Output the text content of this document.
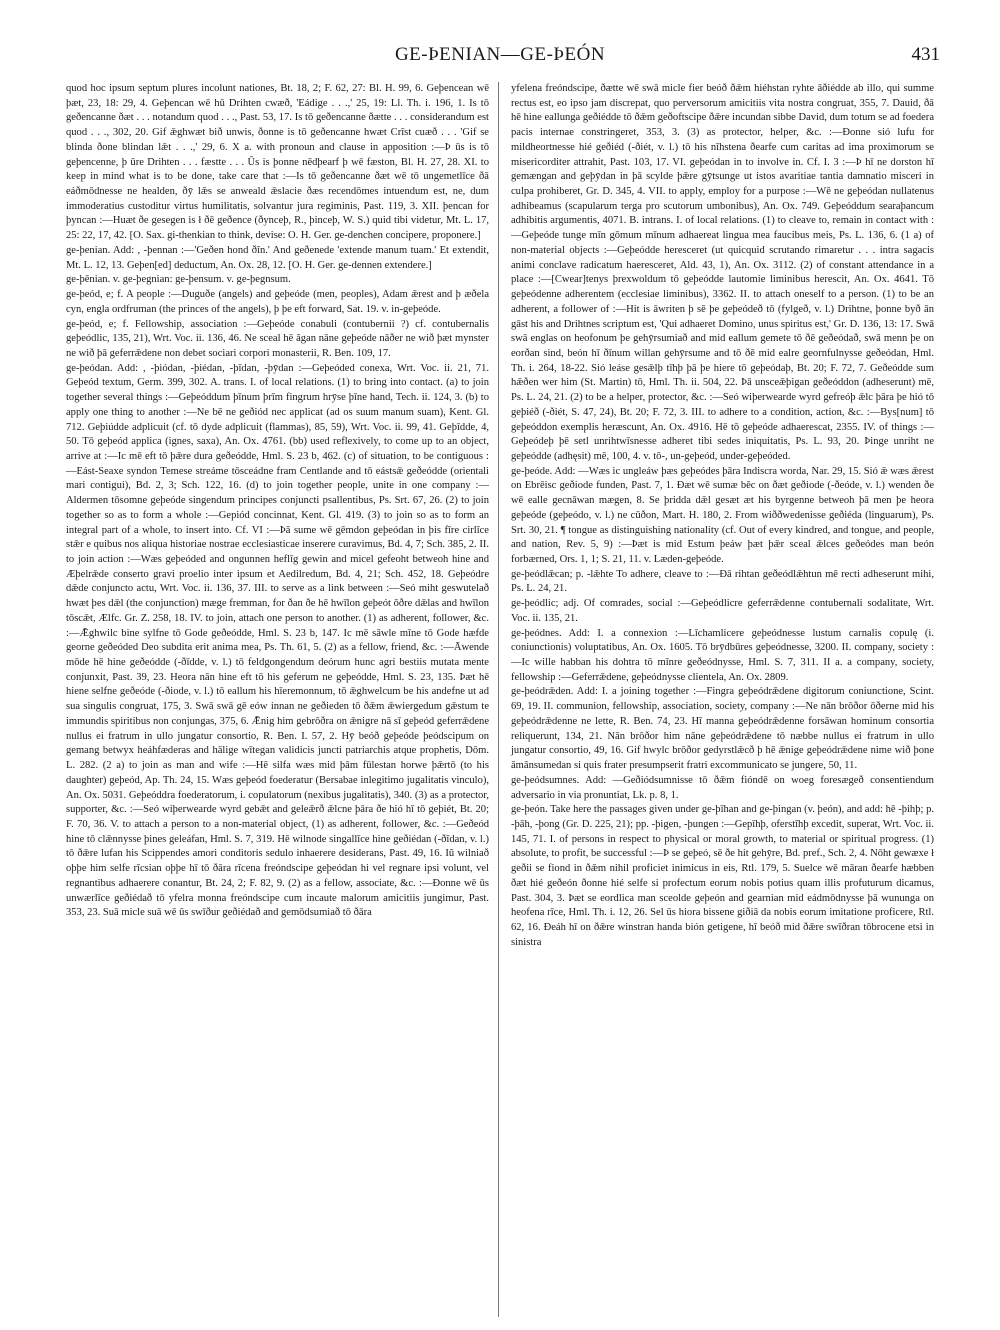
GE-ÞENIAN—GE-ÞEÓN	431
quod hoc ipsum septum plures incolunt nationes, Bt. 18, 2; F. 62, 27: Bl. H. 99, 6. Geþencean wē þæt, 23, 18: 29, 4. Geþencan wē hū Drihten cwæð, 'Eádige . . .,' 25, 19: Ll. Th. i. 196, 1. Is tō geðencanne ðæt . . . notandum quod . . ., Past. 53, 17. Is tō geðencanne ðætte . . . considerandum est quod . . ., 302, 20. Gif ǣghwæt bið unwis, ðonne is tō geðencanne hwæt Crīst cuæð . . . 'Gif se blinda ðone blindan lǣt . . .,' 29, 6. X a. with pronoun and clause in apposition :—Þ ūs is tō geþencenne, þ ūre Drihten . . . fæstte . . . Ūs is þonne nēdþearf þ wē fæston, Bl. H. 27, 28. XI. to keep in mind what is to be done, take care that :—Is tō geðencanne ðæt wē tō ungemetlīce ðā eáðmōdnesse ne healden, ðȳ lǣs se anweald ǣslacie ðæs recendōmes intuendum est, ne, dum immoderatius custoditur virtus humilitatis, solvantur jura regiminis, Past. 119, 3. XII. þencan for þyncan :—Huæt ðe gesegen is ł ðē geðence (ðynceþ, R., þinceþ, W. S.) quid tibi videtur, Mt. L. 17, 25: 22, 17, 42. [O. Sax. gi-thenkian to think, devise: O. H. Ger. ge-denchen concipere, proponere.]
ge-þenian. Add: , -þennan :—'Geðen hond ðīn.' And geðenede 'extende manum tuam.' Et extendit, Mt. L. 12, 13. Geþen[ed] deductum, An. Ox. 28, 12. [O. H. Ger. ge-dennen extendere.]
ge-þēnian. v. ge-þegnian: ge-þensum. v. ge-þegnsum.
ge-þeód, e; f. A people :—Duguðe (angels) and geþeóde (men, peoples), Adam ǣrest and þ æðela cyn, engla ordfruman (the princes of the angels), þ þe eft forward, Sat. 19. v. in-geþeóde.
ge-þeód, e; f. Fellowship, association :—Geþeóde conabuli (contubernii ?) cf. contubernalis geþeódlic, 135, 21), Wrt. Voc. ii. 136, 46. Ne sceal hē āgan nāne geþeóde nāðer ne wið þæt mynster ne wið þā geferrǣdene non debet sociari corpori monasterii, R. Ben. 109, 17.
ge-þeódan. Add: , -þiódan, -þiédan, -þīdan, -þȳdan :—Geþeóded conexa, Wrt. Voc. ii. 21, 71. Geþeód textum, Germ. 399, 302. A. trans. I. of local relations. (1) to bring into contact. (a) to join together several things :—Geþeóddum þīnum þrīm fingrum hrȳse þīne hand, Tech. ii. 124, 3. (b) to apply one thing to another :—Ne bē ne geðiód nec applicat (ad os suum manum suam), Kent. Gl. 712. Geþiúdde adplicuit (cf. tō dyde adplicuit (flammas), 85, 59), Wrt. Voc. ii. 99, 41. Geþīdde, 4, 50. Tō geþeód applica (ignes, saxa), An. Ox. 4761. (bb) used reflexively, to come up to an object, arrive at :—Ic mē eft tō þǣre dura geðeódde, Hml. S. 23 b, 462. (c) of situation, to be contiguous :—Eást-Seaxe syndon Temese streáme tōsceádne fram Centlande and tō eástsǣ geðeódde (orientali mari contigui), Bd. 2, 3; Sch. 122, 16. (d) to join together people, unite in one company :—Aldermen tōsomne geþeóde singendum principes conjuncti psallentibus, Ps. Srt. 67, 26. (2) to join together so as to form a whole :—Gepiód concinnat, Kent. Gl. 419. (3) to join so as to form an integral part of a whole, to insert into. Cf. VI :—Þā sume wē gēmdon geþeódan in þis fīre cirlīce stǣr e quibus nos aliqua historiae nostrae ecclesiasticae inserere curavimus, Bd. 4, 7; Sch. 385, 2. II. to join action :—Wæs geþeóded and ongunnen heflīg gewin and micel gefeoht betweoh hine and Æþelrǣde conserto gravi proelio inter ipsum et Aedilredum, Bd. 4, 21; Sch. 452, 18. Geþeódre dǣde conjuncto actu, Wrt. Voc. ii. 136, 37. III. to serve as a link between :—Seó miht geswutelað hwæt þes dǣl (the conjunction) mæge fremman, for ðan ðe hē hwīlon geþeót ōðre dǣlas and hwīlon tōscǣt, Ælfc. Gr. Z. 258, 18. IV. to join, attach one person to another. (1) as adherent, follower, &c. :—Ǣghwilc bine sylfne tō Gode geðeódde, Hml. S. 23 b, 147. Ic mē sāwle mīne tō Gode hæfde georne geðeóded Deo subdita erit anima mea, Ps. Th. 61, 5. (2) as a fellow, friend, &c. :—Āwende mōde hē hine geðeódde (-ðīdde, v. l.) tō feldgongendum deórum hunc agri bestiis mutata mente conjunxit, Past. 39, 23. Heora nān hine eft tō his geferum ne geþeódde, Hml. S. 23, 135. Þæt hē hiene selfne geðeóde (-ðiode, v. l.) tō eallum his hīeremonnum, tō ǣghwelcum be his andefne ut ad sua singulis congruat, 175, 3. Swā swā gē eów innan ne geðieden tō ðǣm ǣwiergedum gǣstum te immundis spiritibus non conjungas, 375, 6. Ǣnig him gebrōðra on ǣnigre nā sī geþeód geferrǣdene nullus ei fratrum in ullo jungatur consortio, R. Ben. I. 57, 2. Hȳ beóð geþeóde þeódscipum on gemang betwyx heáhfæderas and hālige wītegan validicis juncti patriarchis atque prophetis, Dōm. L. 282. (2 a) to join as man and wife :—Hē silfa wæs mid þām fūlestan horwe þǣrtō (to his daughter) geþeód, Ap. Th. 24, 15. Wæs geþeód foederatur (Bersabae inlegitimo jugalitatis vinculo), An. Ox. 5031. Geþeóddra foederatorum, i. copulatorum (nexibus jugalitatis), 340. (3) as a protector, supporter, &c. :—Seó wiþerwearde wyrd gebǣt and geleǣrð ǣlcne þāra ðe hió hī tō geþiét, Bt. 20; F. 70, 36. V. to attach a person to a non-material object, (1) as adherent, follower, &c. :—Geðeód hine tō clǣnnysse þines geleáfan, Hml. S. 7, 319. Hē wilnode singallīce hine geðiédan (-ðīdan, v. l.) tō ðǣre lufan his Scippendes amori conditoris sedulo inhaerere desiderans, Past. 49, 16. Iū wilniað oþþe him selfe rīcsian oþþe hī tō ðāra rīcena freóndscipe geþeódan hi vel regnare ipsi volunt, vel regnantibus adhaerere conantur, Bt. 24, 2; F. 82, 9. (2) as a fellow, associate, &c. :—Ðonne wē ūs unwærlīce geðiédað tō yfelra monna freóndscipe cum incaute malorum amicitiis jungimur, Past. 353, 23. Suā micle suā wē ūs swīður geðiédað and gemōdsumiað tō ðāra
yfelena freóndscipe, ðætte wē swā micle fier beóð ðǣm hiéhstan ryhte āðiédde ab illo, qui summe rectus est, eo ipso jam discrepat, quo perversorum amicitiis vita nostra congruat, 355, 7. Dauid, ðā hē hine eallunga geðiédde tō ðǣm geðoftscipe ðǣre incundan sibbe David, dum totum se ad foedera pacis internae constringeret, 353, 3. (3) as protector, helper, &c. :—Ðonne sió lufu for mildheortnesse hié geðiéd (-ðiét, v. l.) tō his nīhstena ðearfe cum caritas ad ima proximorum se misericorditer attrahit, Past. 103, 17. VI. geþeódan in to involve in. Cf. I. 3 :—Þ hī ne dorston hī gemængan and geþȳdan in þā scylde þǣre gȳtsunge ut istos avaritiae tantia damnatio misceri in culpa prohiberet, Gr. D. 345, 4. VII. to apply, employ for a purpose :—Wē ne geþeódan nullatenus adhibeamus (scapularum terga pro scutorum umbonibus), An. Ox. 749. Geþeóddum searaþancum adhibitis argumentis, 4071. B. intrans. I. of local relations. (1) to cleave to, remain in contact with :—Geþeóde tunge mīn gōmum mīnum adhaereat lingua mea faucibus meis, Ps. L. 136, 6. (1 a) of non-material objects :—Geþeódde heresceret (ut quicquid scrutando rimaretur . . . intra sagacis animi conclave radicatum haeresceret, Ald. 43, 1), An. Ox. 3112. (2) of constant attendance in a place :—[Cwear]tenys þrexwoldum tō geþeódde lautomie liminibus herescit, An. Ox. 4641. Tō geþeódenne adherentem (ecclesiae liminibus), 3362. II. to attach oneself to a person. (1) to be an adherent, a follower of :—Hit is āwriten þ sē þe geþeódeð tō (fylgeð, v. l.) Drihtne, þonne byð ān gāst his and Drihtnes scriptum est, 'Qui adhaeret Domino, unus spiritus est,' Gr. D. 136, 13: 17. Swā swā englas on heofonum þe gehȳrsumiað and mid eallum gemete tō ðē geðeódað, swā menn þe on eorðan sind, beón hī ðīnum willan gehȳrsume and tō ðē mid ealre geornfulnysse geðeódan, Hml. Th. i. 264, 18-22. Sió leáse gesǣlþ tīhþ þā þe hiere tō geþeódaþ, Bt. 20; F. 72, 7. Geðeódde sum hǣðen wer him (St. Martin) tō, Hml. Th. ii. 504, 22. Þā unsceǣþigan geðeóddon (adheserunt) mē, Ps. L. 24, 21. (2) to be a helper, protector, &c. :—Seó wiþerwearde wyrd gefreóþ ǣlc þāra þe hió tō geþiéð (-ðiét, S. 47, 24), Bt. 20; F. 72, 3. III. to adhere to a condition, action, &c. :—Bys[num] tō geþeóddon exemplis heræscunt, An. Ox. 4916. Hē tō geþeóde adhaerescat, 2355. IV. of things :—Geþeódeþ þē setl unrihtwīsnesse adheret tibi sedes iniquitatis, Ps. L. 93, 20. Þinge unriht ne geþeódde (adhęsit) mē, 100, 4. v. tō-, un-geþeód, under-geþeóded.
ge-þeóde. Add: —Wæs ic ungleáw þæs geþeódes þāra Indiscra worda, Nar. 29, 15. Sió ǣ wæs ǣrest on Ebrēisc geðiode funden, Past. 7, 1. Ðæt wē sumæ bēc on ðæt geðiode (-ðeóde, v. l.) wenden ðe wē ealle gecnāwan mægen, 8. Se þridda dǣl gesæt æt his byrgenne betweoh þā men þe heora geþeóde (geþeódo, v. l.) ne cūðon, Mart. H. 180, 2. From wiððwedenisse geðiéda (linguarum), Ps. Srt. 30, 21. ¶ tongue as distinguishing nationality (cf. Out of every kindred, and tongue, and people, and nation, Rev. 5, 9) :—Þæt is mid Estum þeáw þæt þǣr sceal ǣlces geðeódes man beón forbærned, Ors. 1, 1; S. 21, 11. v. Læden-geþeóde.
ge-þeódlǣcan; p. -lǣhte To adhere, cleave to :—Ðā rihtan geðeódlǣhtun mē recti adheserunt mihi, Ps. L. 24, 21.
ge-þeódlic; adj. Of comrades, social :—Geþeódlicre geferrǣdenne contubernali sodalitate, Wrt. Voc. ii. 135, 21.
ge-þeódnes. Add: I. a connexion :—Līchamlicere geþeódnesse lustum carnalis copulę (i. coniunctionis) voluptatibus, An. Ox. 1605. Tō brȳdbūres geþeódnesse, 3200. II. company, society :—Ic wille habban his dohtra tō mīnre geðeódnysse, Hml. S. 7, 311. II a. a company, society, fellowship :—Geferrǣdene, geþeódnysse clientela, An. Ox. 2809.
ge-þeódrǣden. Add: I. a joining together :—Fingra geþeódrǣdene digitorum coniunctione, Scint. 69, 19. II. communion, fellowship, association, society, company :—Ne nān brōðor ōðerne mid his geþeódrǣdenne ne lette, R. Ben. 74, 23. Hī manna geþeódrǣdenne forsāwan hominum consortia reliquerunt, 134, 21. Nān brōðor him nāne geþeódrǣdene tō næbbe nullus ei fratrum in ullo jungatur consortio, 49, 16. Gif hwylc brōðor gedyrstlǣcð þ hē ǣnige geþeódrǣdene nime wið þone āmānsumedan si quis frater presumpserit fratri excommunicato se jungere, 50, 11.
ge-þeódsumnes. Add: —Geðiódsumnisse tō ðǣm fióndē on woeg foresægeð consentiendum adversario in via pronuntiat, Lk. p. 8, 1.
ge-þeón. Take here the passages given under ge-þīhan and ge-þingan (v. þeón), and add: hē -þihþ; p. -þāh, -þong (Gr. D. 225, 21); pp. -þigen, -þungen :—Gepīhþ, oferstīhþ excedit, superat, Wrt. Voc. ii. 145, 71. I. of persons in respect to physical or moral growth, to material or spiritual progress. (1) absolute, to profit, be successful :—Þ se geþeó, sē ðe hit gehȳre, Bd. pref., Sch. 2, 4. Nōht gewæxe ł geðii se fiond in ðǣm nihil proficiet inimicus in eis, Rtl. 179, 5. Suelce wē māran ðearfe hæbben ðæt hié geðeón ðonne hié selfe si profectum eorum nobis potius quam illis profuturum dicamus, Past. 304, 3. Þæt se eordlica man sceolde geþeón and gearnian mid eádmōdnysse þā wununga on heofena rīce, Hml. Th. i. 12, 26. Sel ūs hiora bissene giðiā da nobis eorum imitatione proficere, Rtl. 62, 16. Ðeáh hī on ðǣre winstran handa bión getigene, hī beóð mid ðǣre swīðran tōbrocene etsi in sinistra
